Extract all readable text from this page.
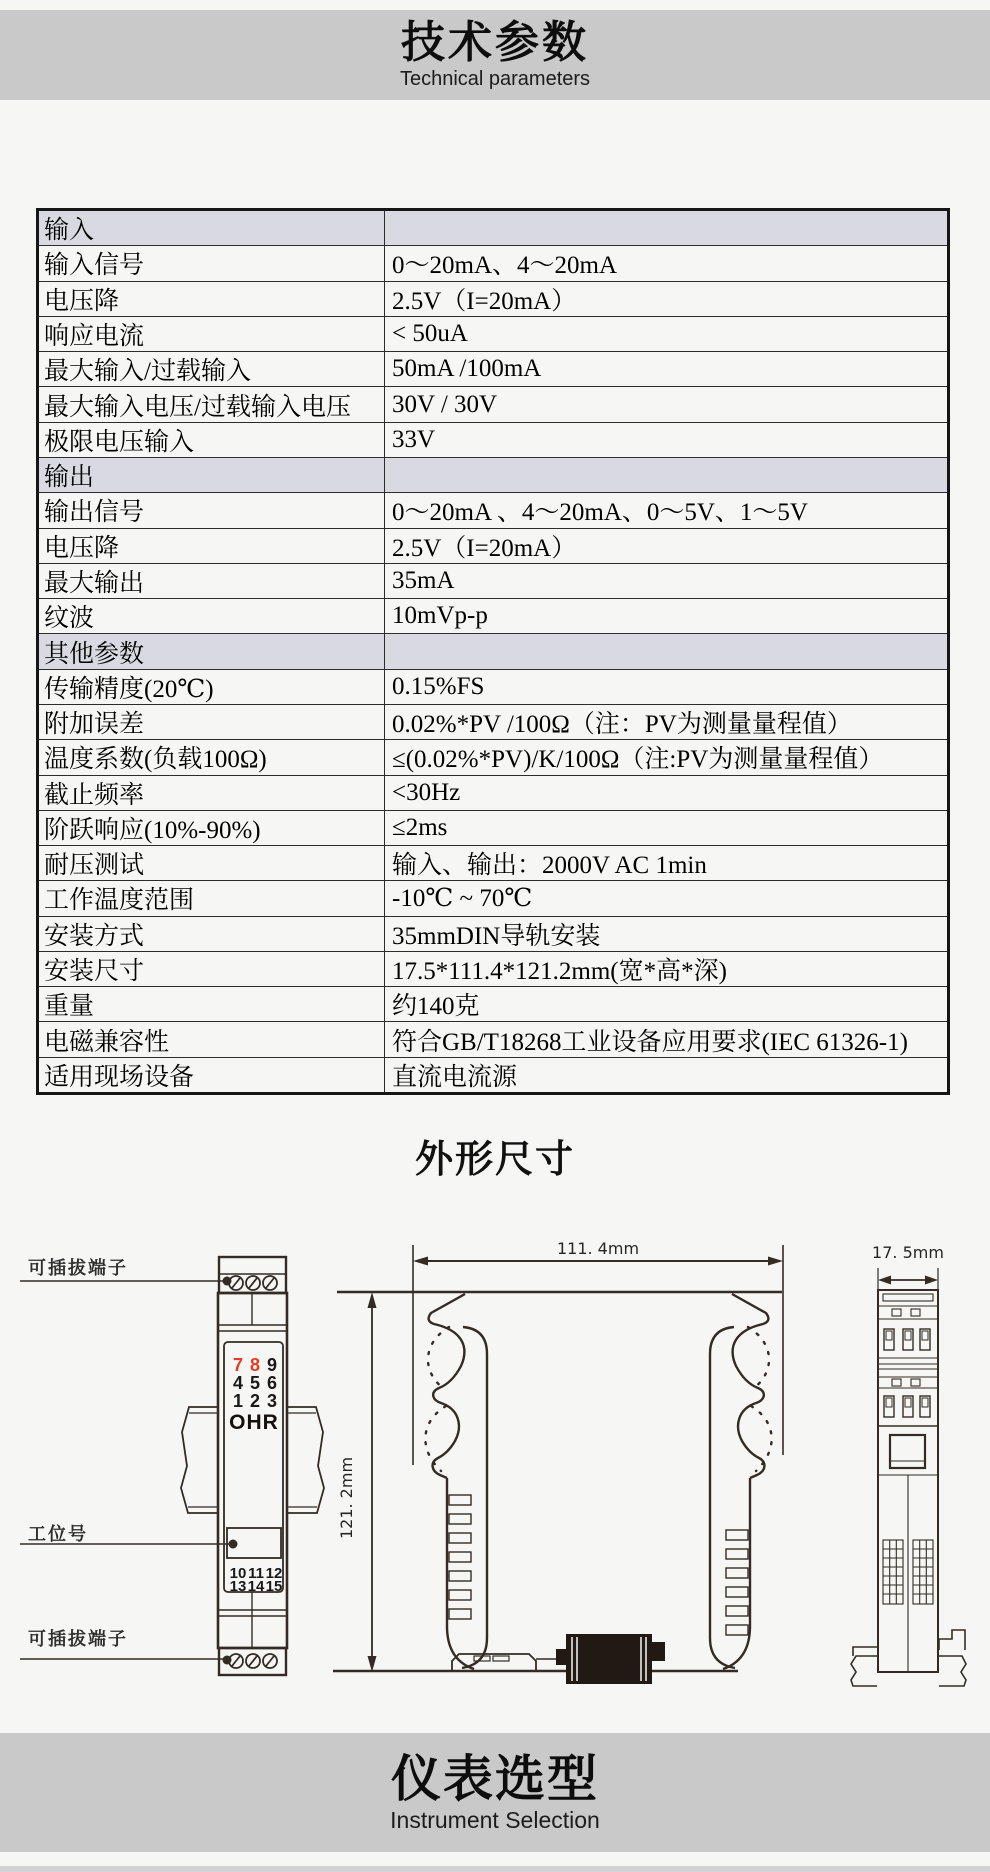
技术参数
Technical parameters
输入
输入信号	0～20mA、4～20mA
电压降	2.5V（I=20mA）
响应电流	< 50uA
最大输入/过载输入	50mA /100mA
最大输入电压/过载输入电压	30V / 30V
极限电压输入	33V
输出
输出信号	0～20mA 、4～20mA、0～5V、1～5V
电压降	2.5V（I=20mA）
最大输出	35mA
纹波	10mVp-p
其他参数
传输精度(20℃)	0.15%FS
附加误差	0.02%*PV /100Ω（注：PV为测量量程值）
温度系数(负载100Ω)	≤(0.02%*PV)/K/100Ω（注:PV为测量量程值）
截止频率	<30Hz
阶跃响应(10%-90%)	≤2ms
耐压测试	输入、输出：2000V AC 1min
工作温度范围	-10℃ ~ 70℃
安装方式	35mmDIN导轨安装
安装尺寸	17.5*111.4*121.2mm(宽*高*深)
重量	约140克
电磁兼容性	符合GB/T18268工业设备应用要求(IEC 61326-1)
适用现场设备	直流电流源
外形尺寸
可插拔端子
7 8 9
4 5 6
1 2 3
OHR
工位号
10 11 12
13 14 15
可插拔端子
111. 4mm
121. 2mm
17. 5mm
仪表选型
Instrument Selection
